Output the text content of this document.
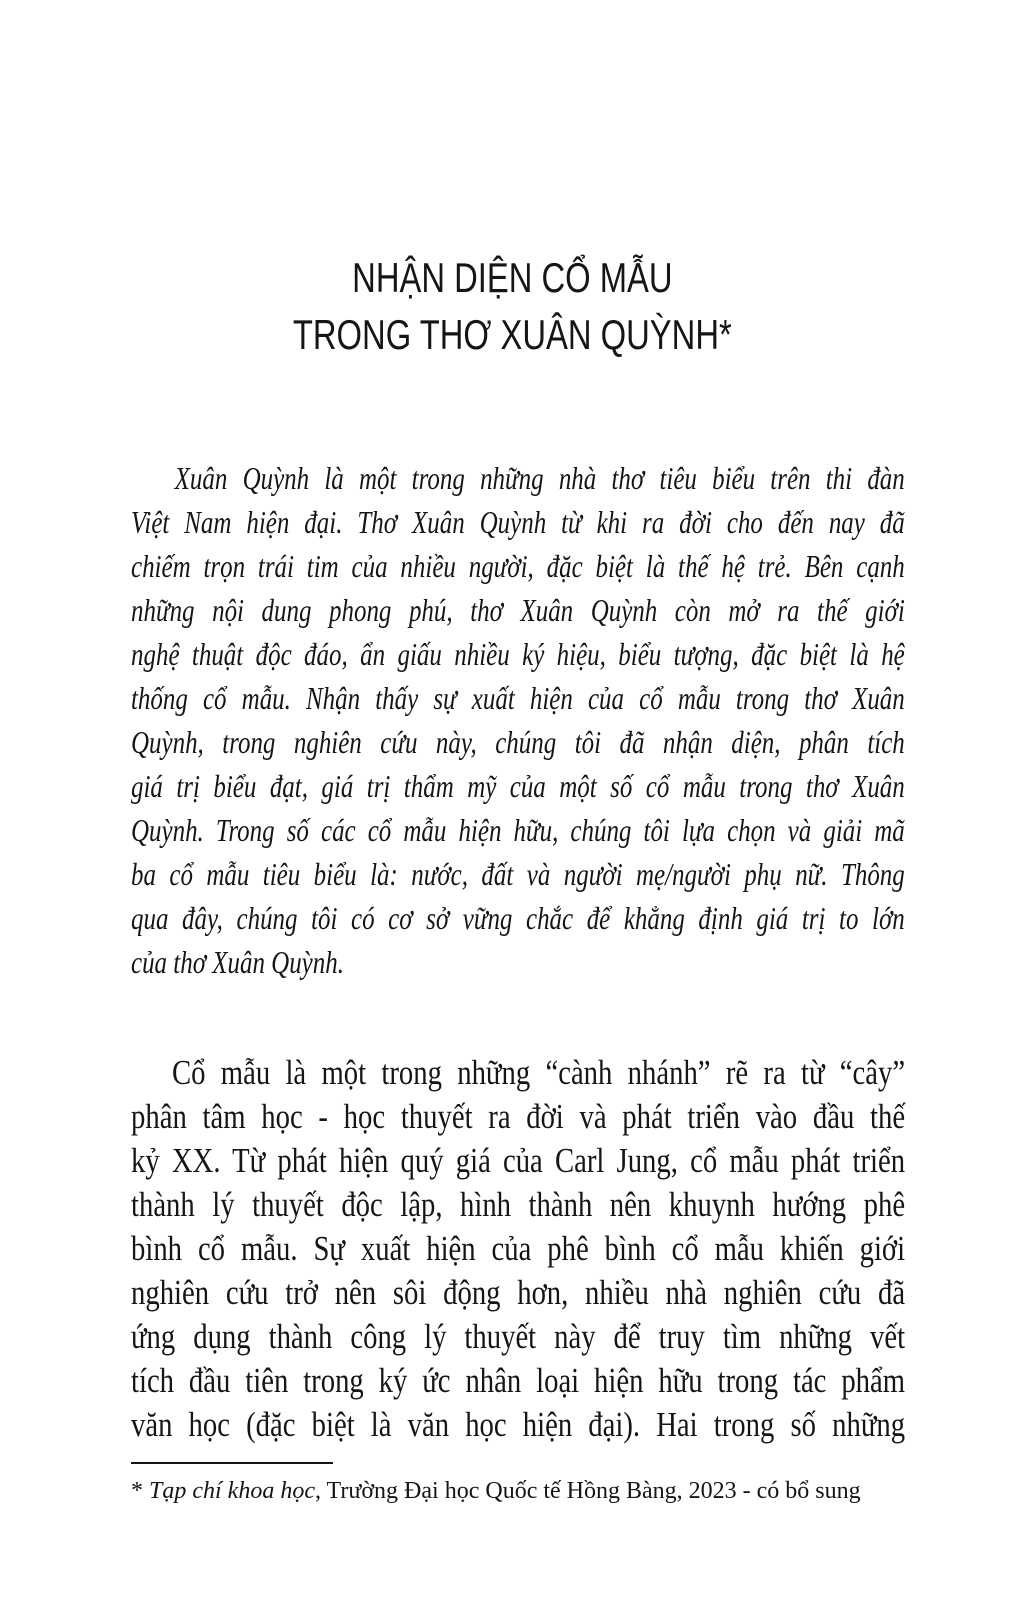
NHẬN DIỆN CỔ MẪU
TRONG THƠ XUÂN QUỲNH*
Xuân Quỳnh là một trong những nhà thơ tiêu biểu trên thi đàn
Việt Nam hiện đại. Thơ Xuân Quỳnh từ khi ra đời cho đến nay đã
chiếm trọn trái tim của nhiều người, đặc biệt là thế hệ trẻ. Bên cạnh
những nội dung phong phú, thơ Xuân Quỳnh còn mở ra thế giới
nghệ thuật độc đáo, ẩn giấu nhiều ký hiệu, biểu tượng, đặc biệt là hệ
thống cổ mẫu. Nhận thấy sự xuất hiện của cổ mẫu trong thơ Xuân
Quỳnh, trong nghiên cứu này, chúng tôi đã nhận diện, phân tích
giá trị biểu đạt, giá trị thẩm mỹ của một số cổ mẫu trong thơ Xuân
Quỳnh. Trong số các cổ mẫu hiện hữu, chúng tôi lựa chọn và giải mã
ba cổ mẫu tiêu biểu là: nước, đất và người mẹ/người phụ nữ. Thông
qua đây, chúng tôi có cơ sở vững chắc để khẳng định giá trị to lớn
của thơ Xuân Quỳnh.
Cổ mẫu là một trong những “cành nhánh” rẽ ra từ “cây”
phân tâm học - học thuyết ra đời và phát triển vào đầu thế
kỷ XX. Từ phát hiện quý giá của Carl Jung, cổ mẫu phát triển
thành lý thuyết độc lập, hình thành nên khuynh hướng phê
bình cổ mẫu. Sự xuất hiện của phê bình cổ mẫu khiến giới
nghiên cứu trở nên sôi động hơn, nhiều nhà nghiên cứu đã
ứng dụng thành công lý thuyết này để truy tìm những vết
tích đầu tiên trong ký ức nhân loại hiện hữu trong tác phẩm
văn học (đặc biệt là văn học hiện đại). Hai trong số những
* Tạp chí khoa học, Trường Đại học Quốc tế Hồng Bàng, 2023 - có bổ sung
